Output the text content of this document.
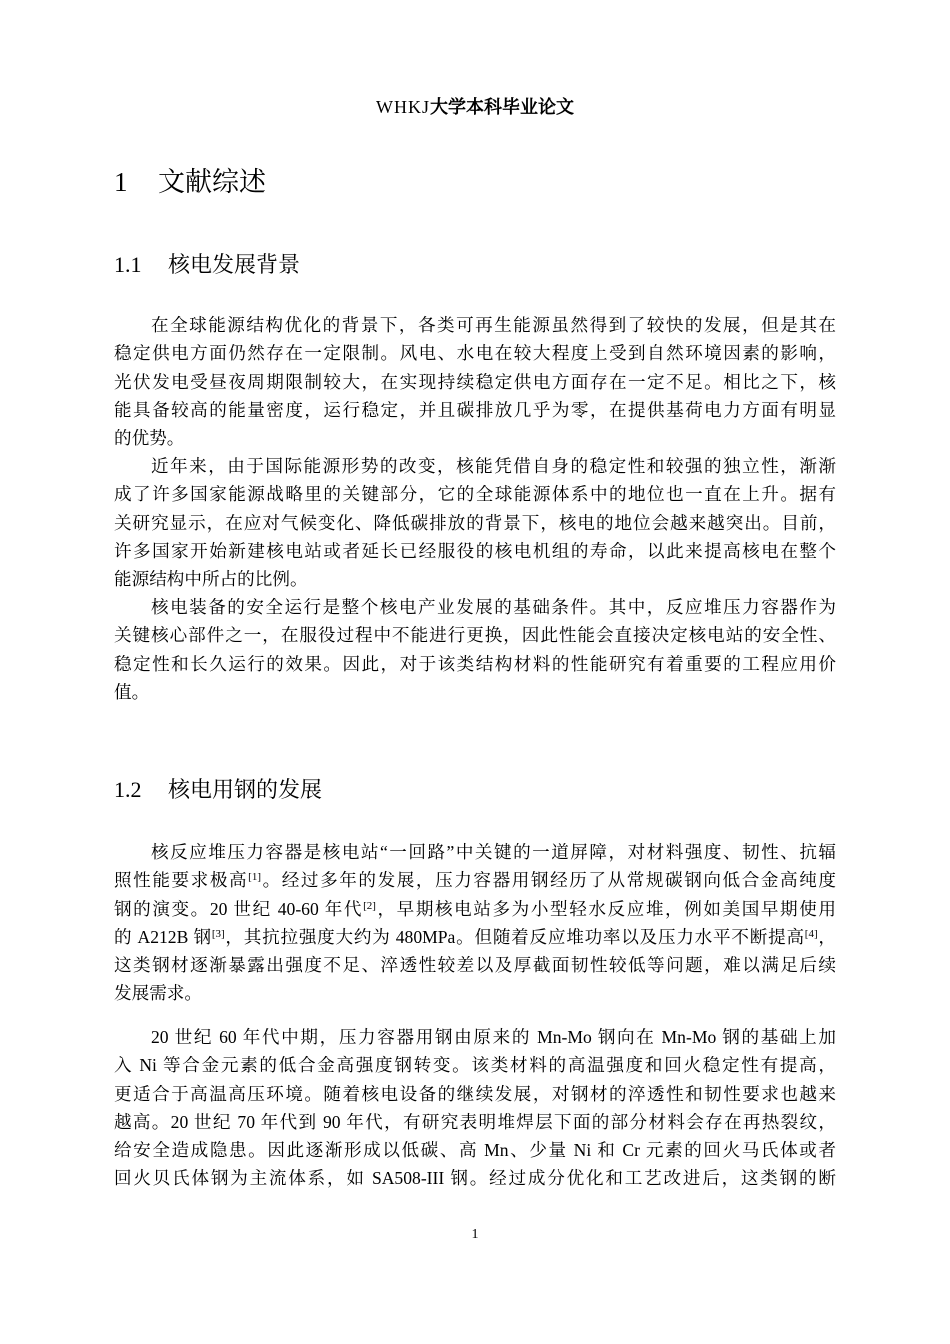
WHKJ大学本科毕业论文
1 文献综述
1.1 核电发展背景
在全球能源结构优化的背景下，各类可再生能源虽然得到了较快的发展，但是其在
稳定供电方面仍然存在一定限制。风电、水电在较大程度上受到自然环境因素的影响，
光伏发电受昼夜周期限制较大，在实现持续稳定供电方面存在一定不足。相比之下，核
能具备较高的能量密度，运行稳定，并且碳排放几乎为零，在提供基荷电力方面有明显
的优势。
近年来，由于国际能源形势的改变，核能凭借自身的稳定性和较强的独立性，渐渐
成了许多国家能源战略里的关键部分，它的全球能源体系中的地位也一直在上升。据有
关研究显示，在应对气候变化、降低碳排放的背景下，核电的地位会越来越突出。目前，
许多国家开始新建核电站或者延长已经服役的核电机组的寿命，以此来提高核电在整个
能源结构中所占的比例。
核电装备的安全运行是整个核电产业发展的基础条件。其中，反应堆压力容器作为
关键核心部件之一，在服役过程中不能进行更换，因此性能会直接决定核电站的安全性、
稳定性和长久运行的效果。因此，对于该类结构材料的性能研究有着重要的工程应用价
值。
1.2 核电用钢的发展
核反应堆压力容器是核电站“一回路”中关键的一道屏障，对材料强度、韧性、抗辐
照性能要求极高[1]。经过多年的发展，压力容器用钢经历了从常规碳钢向低合金高纯度
钢的演变。20 世纪 40-60 年代[2]，早期核电站多为小型轻水反应堆，例如美国早期使用
的 A212B 钢[3]，其抗拉强度大约为 480MPa。但随着反应堆功率以及压力水平不断提高[4]，
这类钢材逐渐暴露出强度不足、淬透性较差以及厚截面韧性较低等问题，难以满足后续
发展需求。
20 世纪 60 年代中期，压力容器用钢由原来的 Mn-Mo 钢向在 Mn-Mo 钢的基础上加
入 Ni 等合金元素的低合金高强度钢转变。该类材料的高温强度和回火稳定性有提高，
更适合于高温高压环境。随着核电设备的继续发展，对钢材的淬透性和韧性要求也越来
越高。20 世纪 70 年代到 90 年代，有研究表明堆焊层下面的部分材料会存在再热裂纹，
给安全造成隐患。因此逐渐形成以低碳、高 Mn、少量 Ni 和 Cr 元素的回火马氏体或者
回火贝氏体钢为主流体系，如 SA508-III 钢。经过成分优化和工艺改进后，这类钢的断
1
